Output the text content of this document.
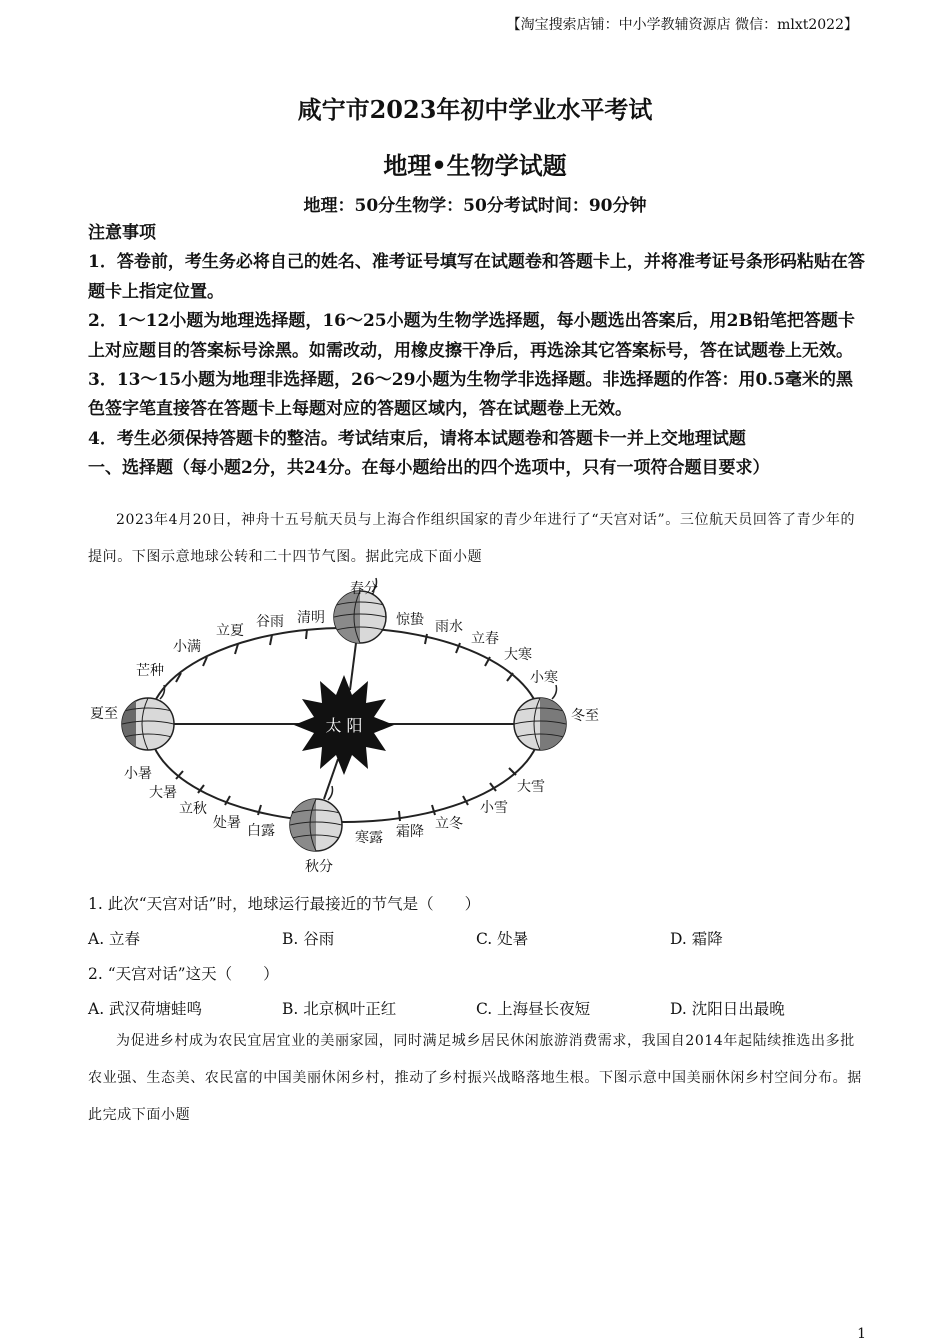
【淘宝搜索店铺：中小学教辅资源店 微信：mlxt2022】
咸宁市2023年初中学业水平考试
地理•生物学试题
地理：50分生物学：50分考试时间：90分钟

注意事项

1．答卷前，考生务必将自己的姓名、准考证号填写在试题卷和答题卡上，并将准考证号条形码粘贴在答题卡上指定位置。

2．1～12小题为地理选择题，16～25小题为生物学选择题，每小题选出答案后，用2B铅笔把答题卡上对应题目的答案标号涂黑。如需改动，用橡皮擦干净后，再选涂其它答案标号，答在试题卷上无效。

3．13～15小题为地理非选择题，26～29小题为生物学非选择题。非选择题的作答：用0.5毫米的黑色签字笔直接答在答题卡上每题对应的答题区域内，答在试题卷上无效。

4．考生必须保持答题卡的整洁。考试结束后，请将本试题卷和答题卡一并上交地理试题

一、选择题（每小题2分，共24分。在每小题给出的四个选项中，只有一项符合题目要求）

2023年4月20日，神舟十五号航天员与上海合作组织国家的青少年进行了“天宫对话”。三位航天员回答了青少年的提问。下图示意地球公转和二十四节气图。据此完成下面小题

太 阳
春分
清明
谷雨
立夏
小满
芒种
夏至
小暑
大暑
立秋
处暑 白露
秋分
寒露 霜降 立冬
小雪
大雪
冬至
小寒
大寒
立春
雨水
惊蛰
1. 此次“天宫对话”时，地球运行最接近的节气是（　　）
A. 立春	B. 谷雨	C. 处暑	D. 霜降
2. “天宫对话”这天（　　）
A. 武汉荷塘蛙鸣	B. 北京枫叶正红	C. 上海昼长夜短	D. 沈阳日出最晚

为促进乡村成为农民宜居宜业的美丽家园，同时满足城乡居民休闲旅游消费需求，我国自2014年起陆续推选出多批农业强、生态美、农民富的中国美丽休闲乡村，推动了乡村振兴战略落地生根。下图示意中国美丽休闲乡村空间分布。据此完成下面小题

1
